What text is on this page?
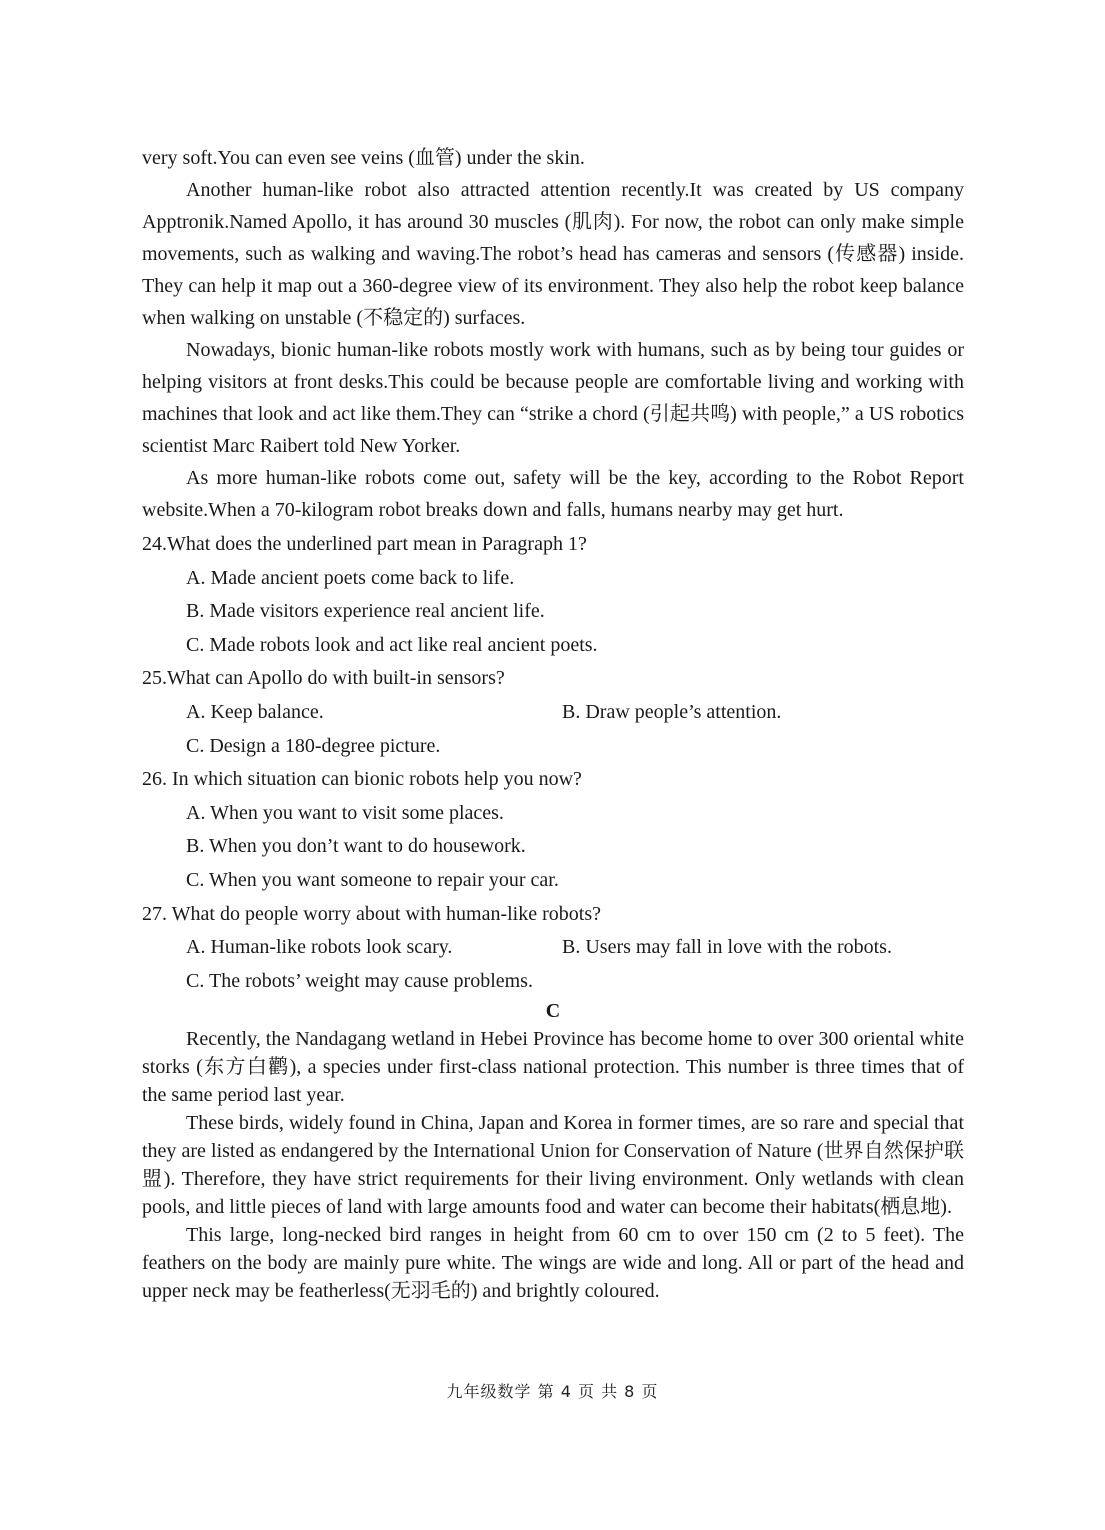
very soft.You can even see veins (血管) under the skin.

Another human-like robot also attracted attention recently.It was created by US company Apptronik.Named Apollo, it has around 30 muscles (肌肉). For now, the robot can only make simple movements, such as walking and waving.The robot’s head has cameras and sensors (传感器) inside. They can help it map out a 360-degree view of its environment. They also help the robot keep balance when walking on unstable (不稳定的) surfaces.

Nowadays, bionic human-like robots mostly work with humans, such as by being tour guides or helping visitors at front desks.This could be because people are comfortable living and working with machines that look and act like them.They can “strike a chord (引起共鸣) with people,” a US robotics scientist Marc Raibert told New Yorker.

As more human-like robots come out, safety will be the key, according to the Robot Report website.When a 70-kilogram robot breaks down and falls, humans nearby may get hurt.

24.What does the underlined part mean in Paragraph 1?

A. Made ancient poets come back to life.

B. Made visitors experience real ancient life.

C. Made robots look and act like real ancient poets.

25.What can Apollo do with built-in sensors?

A. Keep balance.	B. Draw people’s attention.

C. Design a 180-degree picture.

26. In which situation can bionic robots help you now?

A. When you want to visit some places.

B. When you don’t want to do housework.

C. When you want someone to repair your car.

27. What do people worry about with human-like robots?

A. Human-like robots look scary.	B. Users may fall in love with the robots.

C. The robots’ weight may cause problems.

C

Recently, the Nandagang wetland in Hebei Province has become home to over 300 oriental white storks (东方白鹳), a species under first-class national protection. This number is three times that of the same period last year.

These birds, widely found in China, Japan and Korea in former times, are so rare and special that they are listed as endangered by the International Union for Conservation of Nature (世界自然保护联盟). Therefore, they have strict requirements for their living environment. Only wetlands with clean pools, and little pieces of land with large amounts food and water can become their habitats(栖息地).

This large, long-necked bird ranges in height from 60 cm to over 150 cm (2 to 5 feet). The feathers on the body are mainly pure white. The wings are wide and long. All or part of the head and upper neck may be featherless(无羽毛的) and brightly coloured.

九年级数学 第 4 页 共 8 页
